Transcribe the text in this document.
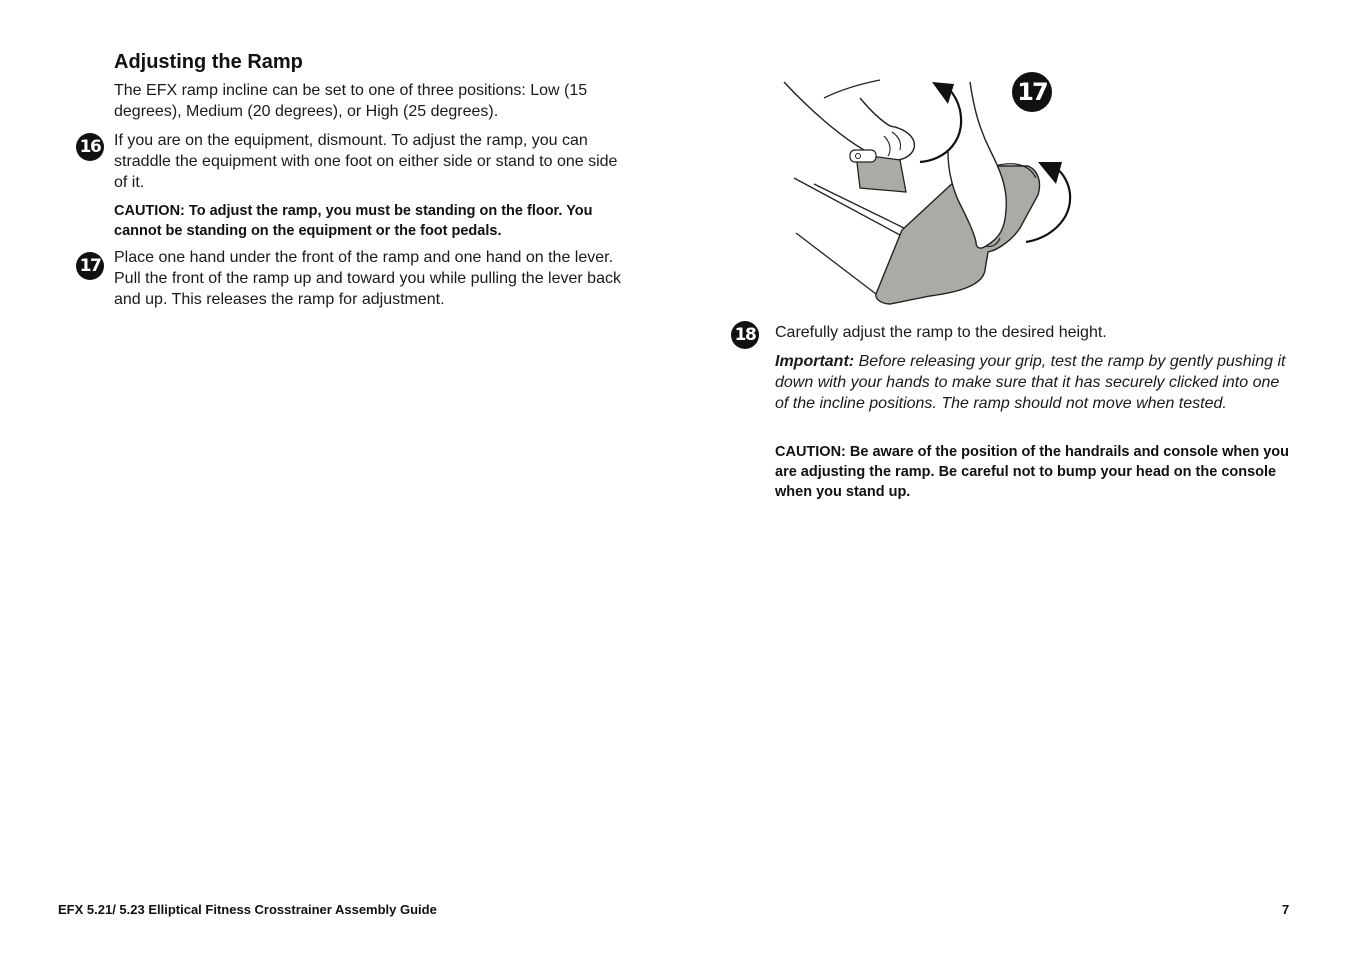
Adjusting the Ramp

The EFX ramp incline can be set to one of three positions: Low (15 degrees), Medium (20 degrees), or High (25 degrees).

16 If you are on the equipment, dismount. To adjust the ramp, you can straddle the equipment with one foot on either side or stand to one side of it.

CAUTION: To adjust the ramp, you must be standing on the floor. You cannot be standing on the equipment or the foot pedals.

17 Place one hand under the front of the ramp and one hand on the lever. Pull the front of the ramp up and toward you while pulling the lever back and up. This releases the ramp for adjustment.

17
18 Carefully adjust the ramp to the desired height.

Important: Before releasing your grip, test the ramp by gently pushing it down with your hands to make sure that it has securely clicked into one of the incline positions. The ramp should not move when tested.

CAUTION: Be aware of the position of the handrails and console when you are adjusting the ramp. Be careful not to bump your head on the console when you stand up.

EFX 5.21/ 5.23 Elliptical Fitness Crosstrainer Assembly Guide	7
